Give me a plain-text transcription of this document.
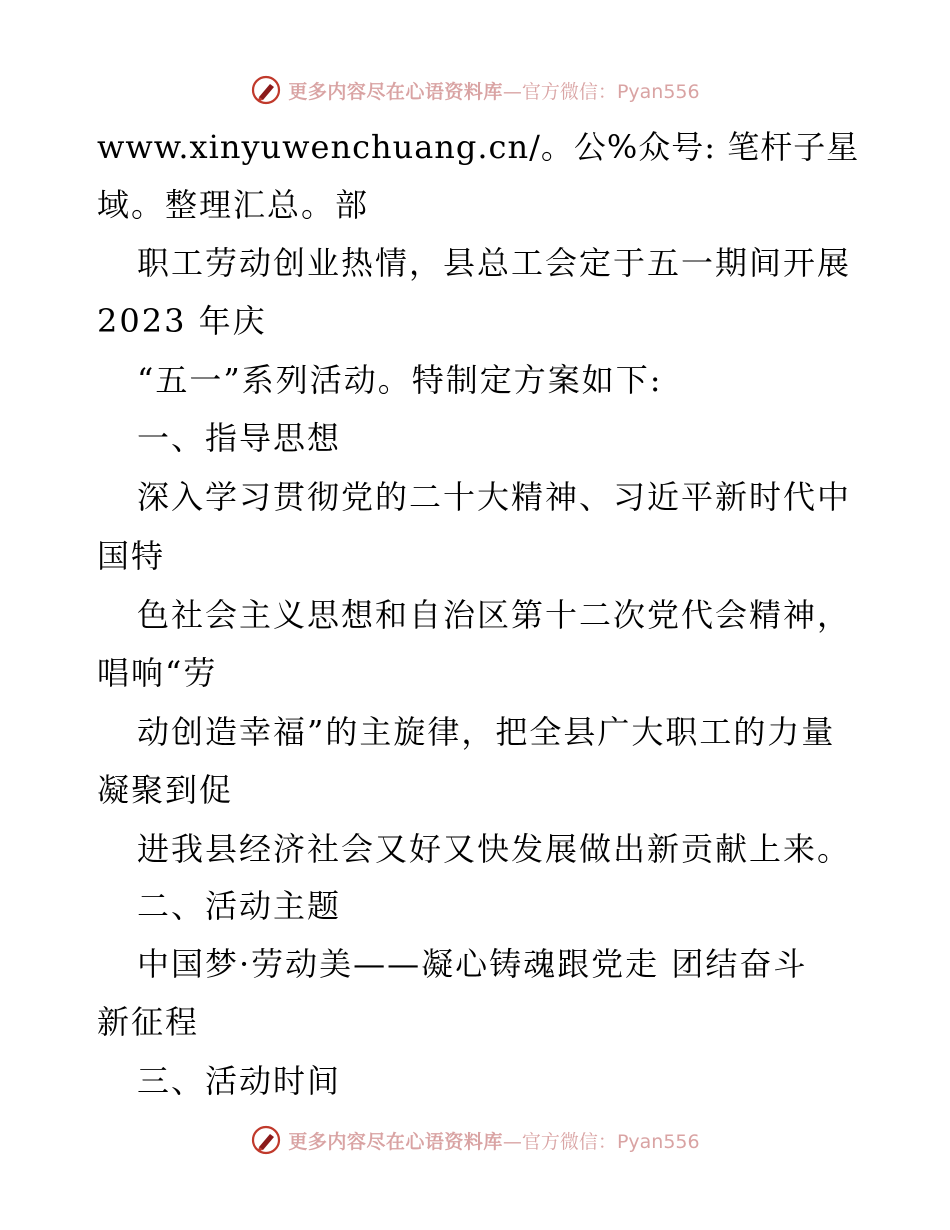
更多内容尽在心语资料库—官方微信：Pyan556
www.xinyuwenchuang.cn/。公%众号: 笔杆子星
域。整理汇总。部
职工劳动创业热情，县总工会定于五一期间开展
2023 年庆
“五一”系列活动。特制定方案如下:
一、指导思想
深入学习贯彻党的二十大精神、习近平新时代中
国特
色社会主义思想和自治区第十二次党代会精神，
唱响“劳
动创造幸福”的主旋律，把全县广大职工的力量
凝聚到促
进我县经济社会又好又快发展做出新贡献上来。
二、活动主题
中国梦·劳动美——凝心铸魂跟党走 团结奋斗
新征程
三、活动时间
更多内容尽在心语资料库—官方微信：Pyan556
